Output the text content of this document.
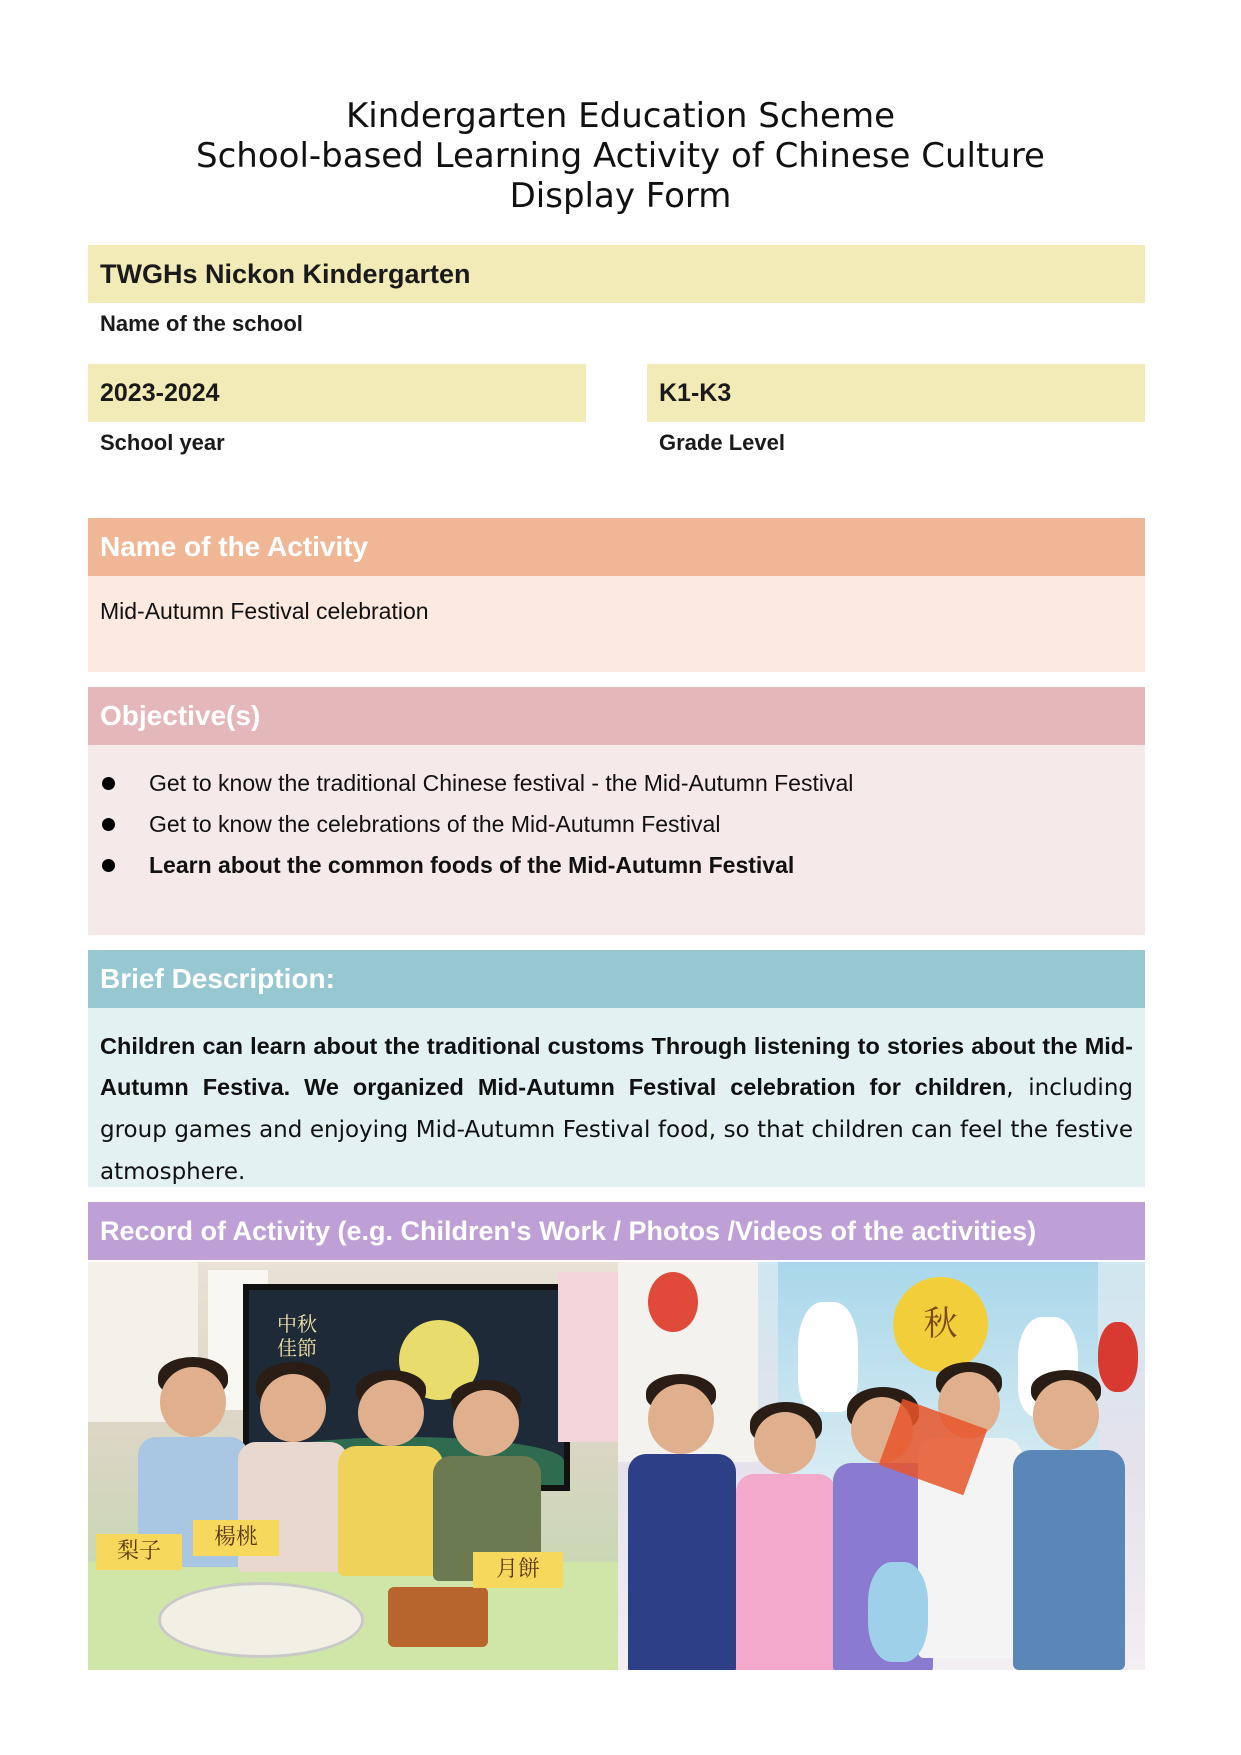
Kindergarten Education Scheme
School-based Learning Activity of Chinese Culture
Display Form
TWGHs Nickon Kindergarten
Name of the school
2023-2024
School year
K1-K3
Grade Level
Name of the Activity
Mid-Autumn Festival celebration
Objective(s)
Get to know the traditional Chinese festival - the Mid-Autumn Festival
Get to know the celebrations of the Mid-Autumn Festival
Learn about the common foods of the Mid-Autumn Festival
Brief Description:

Children can learn about the traditional customs Through listening to stories about the Mid-Autumn Festiva. We organized Mid-Autumn Festival celebration for children, including group games and enjoying Mid-Autumn Festival food, so that children can feel the festive atmosphere.

Record of Activity (e.g. Children's Work / Photos /Videos of the activities)
中秋
佳節
梨子
楊桃
月餅
秋
